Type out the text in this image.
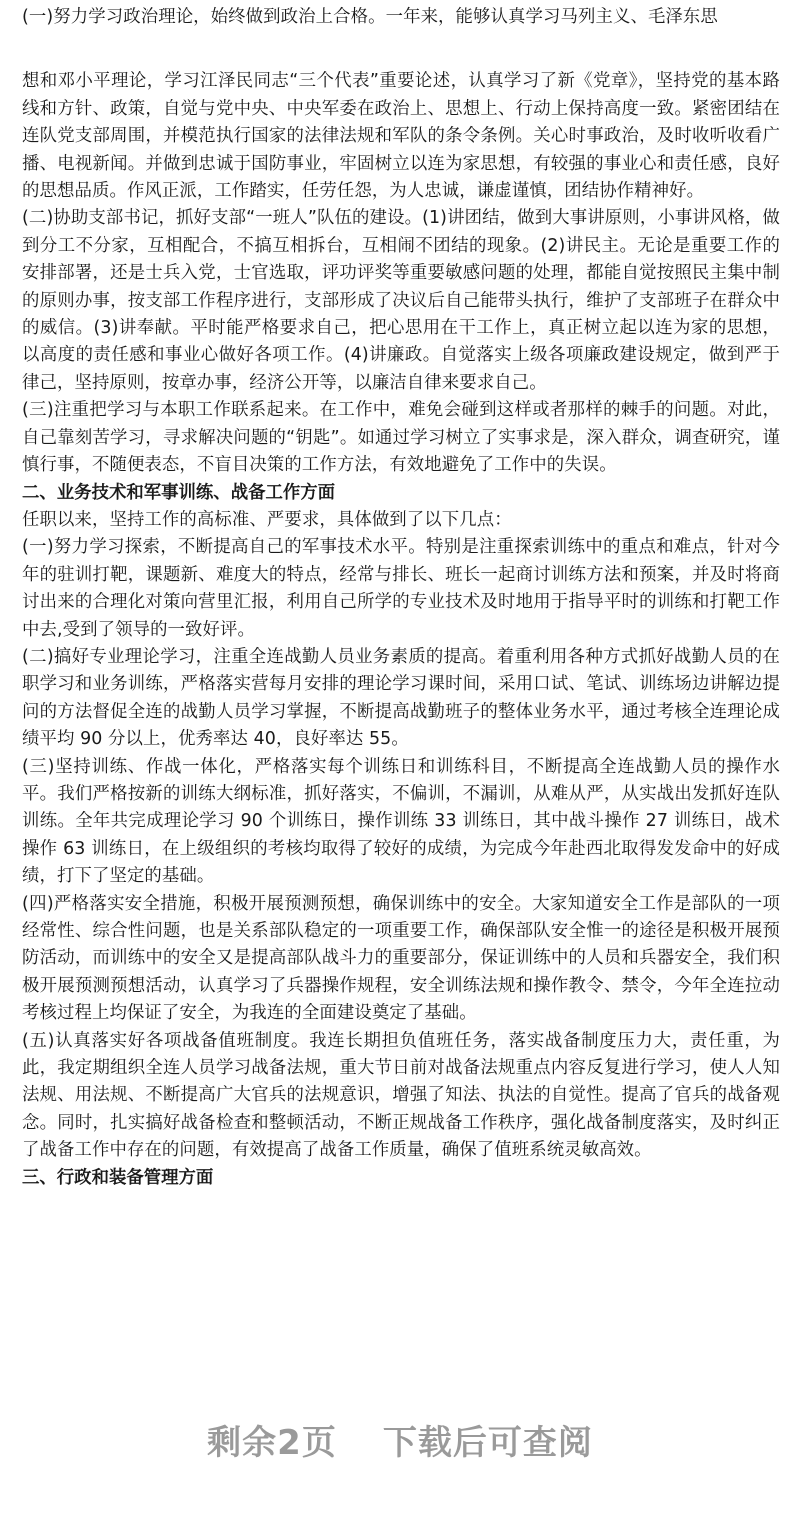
(一)努力学习政治理论，始终做到政治上合格。一年来，能够认真学习马列主义、毛泽东思

想和邓小平理论，学习江泽民同志“三个代表”重要论述，认真学习了新《党章》，坚持党的基本路线和方针、政策，自觉与党中央、中央军委在政治上、思想上、行动上保持高度一致。紧密团结在连队党支部周围，并模范执行国家的法律法规和军队的条令条例。关心时事政治，及时收听收看广播、电视新闻。并做到忠诚于国防事业，牢固树立以连为家思想，有较强的事业心和责任感，良好的思想品质。作风正派，工作踏实，任劳任怨，为人忠诚，谦虚谨慎，团结协作精神好。

(二)协助支部书记，抓好支部“一班人”队伍的建设。(1)讲团结，做到大事讲原则，小事讲风格，做到分工不分家，互相配合，不搞互相拆台，互相闹不团结的现象。(2)讲民主。无论是重要工作的安排部署，还是士兵入党，士官选取，评功评奖等重要敏感问题的处理，都能自觉按照民主集中制的原则办事，按支部工作程序进行，支部形成了决议后自己能带头执行，维护了支部班子在群众中的威信。(3)讲奉献。平时能严格要求自己，把心思用在干工作上，真正树立起以连为家的思想，以高度的责任感和事业心做好各项工作。(4)讲廉政。自觉落实上级各项廉政建设规定，做到严于律己，坚持原则，按章办事，经济公开等，以廉洁自律来要求自己。

(三)注重把学习与本职工作联系起来。在工作中，难免会碰到这样或者那样的棘手的问题。对此，自己靠刻苦学习，寻求解决问题的“钥匙”。如通过学习树立了实事求是，深入群众，调查研究，谨慎行事，不随便表态，不盲目决策的工作方法，有效地避免了工作中的失误。

二、业务技术和军事训练、战备工作方面

任职以来，坚持工作的高标准、严要求，具体做到了以下几点：

(一)努力学习探索，不断提高自己的军事技术水平。特别是注重探索训练中的重点和难点，针对今年的驻训打靶，课题新、难度大的特点，经常与排长、班长一起商讨训练方法和预案，并及时将商讨出来的合理化对策向营里汇报，利用自己所学的专业技术及时地用于指导平时的训练和打靶工作中去,受到了领导的一致好评。

(二)搞好专业理论学习，注重全连战勤人员业务素质的提高。着重利用各种方式抓好战勤人员的在职学习和业务训练，严格落实营每月安排的理论学习课时间，采用口试、笔试、训练场边讲解边提问的方法督促全连的战勤人员学习掌握，不断提高战勤班子的整体业务水平，通过考核全连理论成绩平均 90 分以上，优秀率达 40，良好率达 55。

(三)坚持训练、作战一体化，严格落实每个训练日和训练科目，不断提高全连战勤人员的操作水平。我们严格按新的训练大纲标准，抓好落实，不偏训，不漏训，从难从严，从实战出发抓好连队训练。全年共完成理论学习 90 个训练日，操作训练 33 训练日，其中战斗操作 27 训练日，战术操作 63 训练日，在上级组织的考核均取得了较好的成绩，为完成今年赴西北取得发发命中的好成绩，打下了坚定的基础。

(四)严格落实安全措施，积极开展预测预想，确保训练中的安全。大家知道安全工作是部队的一项经常性、综合性问题，也是关系部队稳定的一项重要工作，确保部队安全惟一的途径是积极开展预防活动，而训练中的安全又是提高部队战斗力的重要部分，保证训练中的人员和兵器安全，我们积极开展预测预想活动，认真学习了兵器操作规程，安全训练法规和操作教令、禁令，今年全连拉动考核过程上均保证了安全，为我连的全面建设奠定了基础。

(五)认真落实好各项战备值班制度。我连长期担负值班任务，落实战备制度压力大，责任重，为此，我定期组织全连人员学习战备法规，重大节日前对战备法规重点内容反复进行学习，使人人知法规、用法规、不断提高广大官兵的法规意识，增强了知法、执法的自觉性。提高了官兵的战备观念。同时，扎实搞好战备检查和整顿活动，不断正规战备工作秩序，强化战备制度落实，及时纠正了战备工作中存在的问题，有效提高了战备工作质量，确保了值班系统灵敏高效。

三、行政和装备管理方面

剩余2页 下载后可查阅
